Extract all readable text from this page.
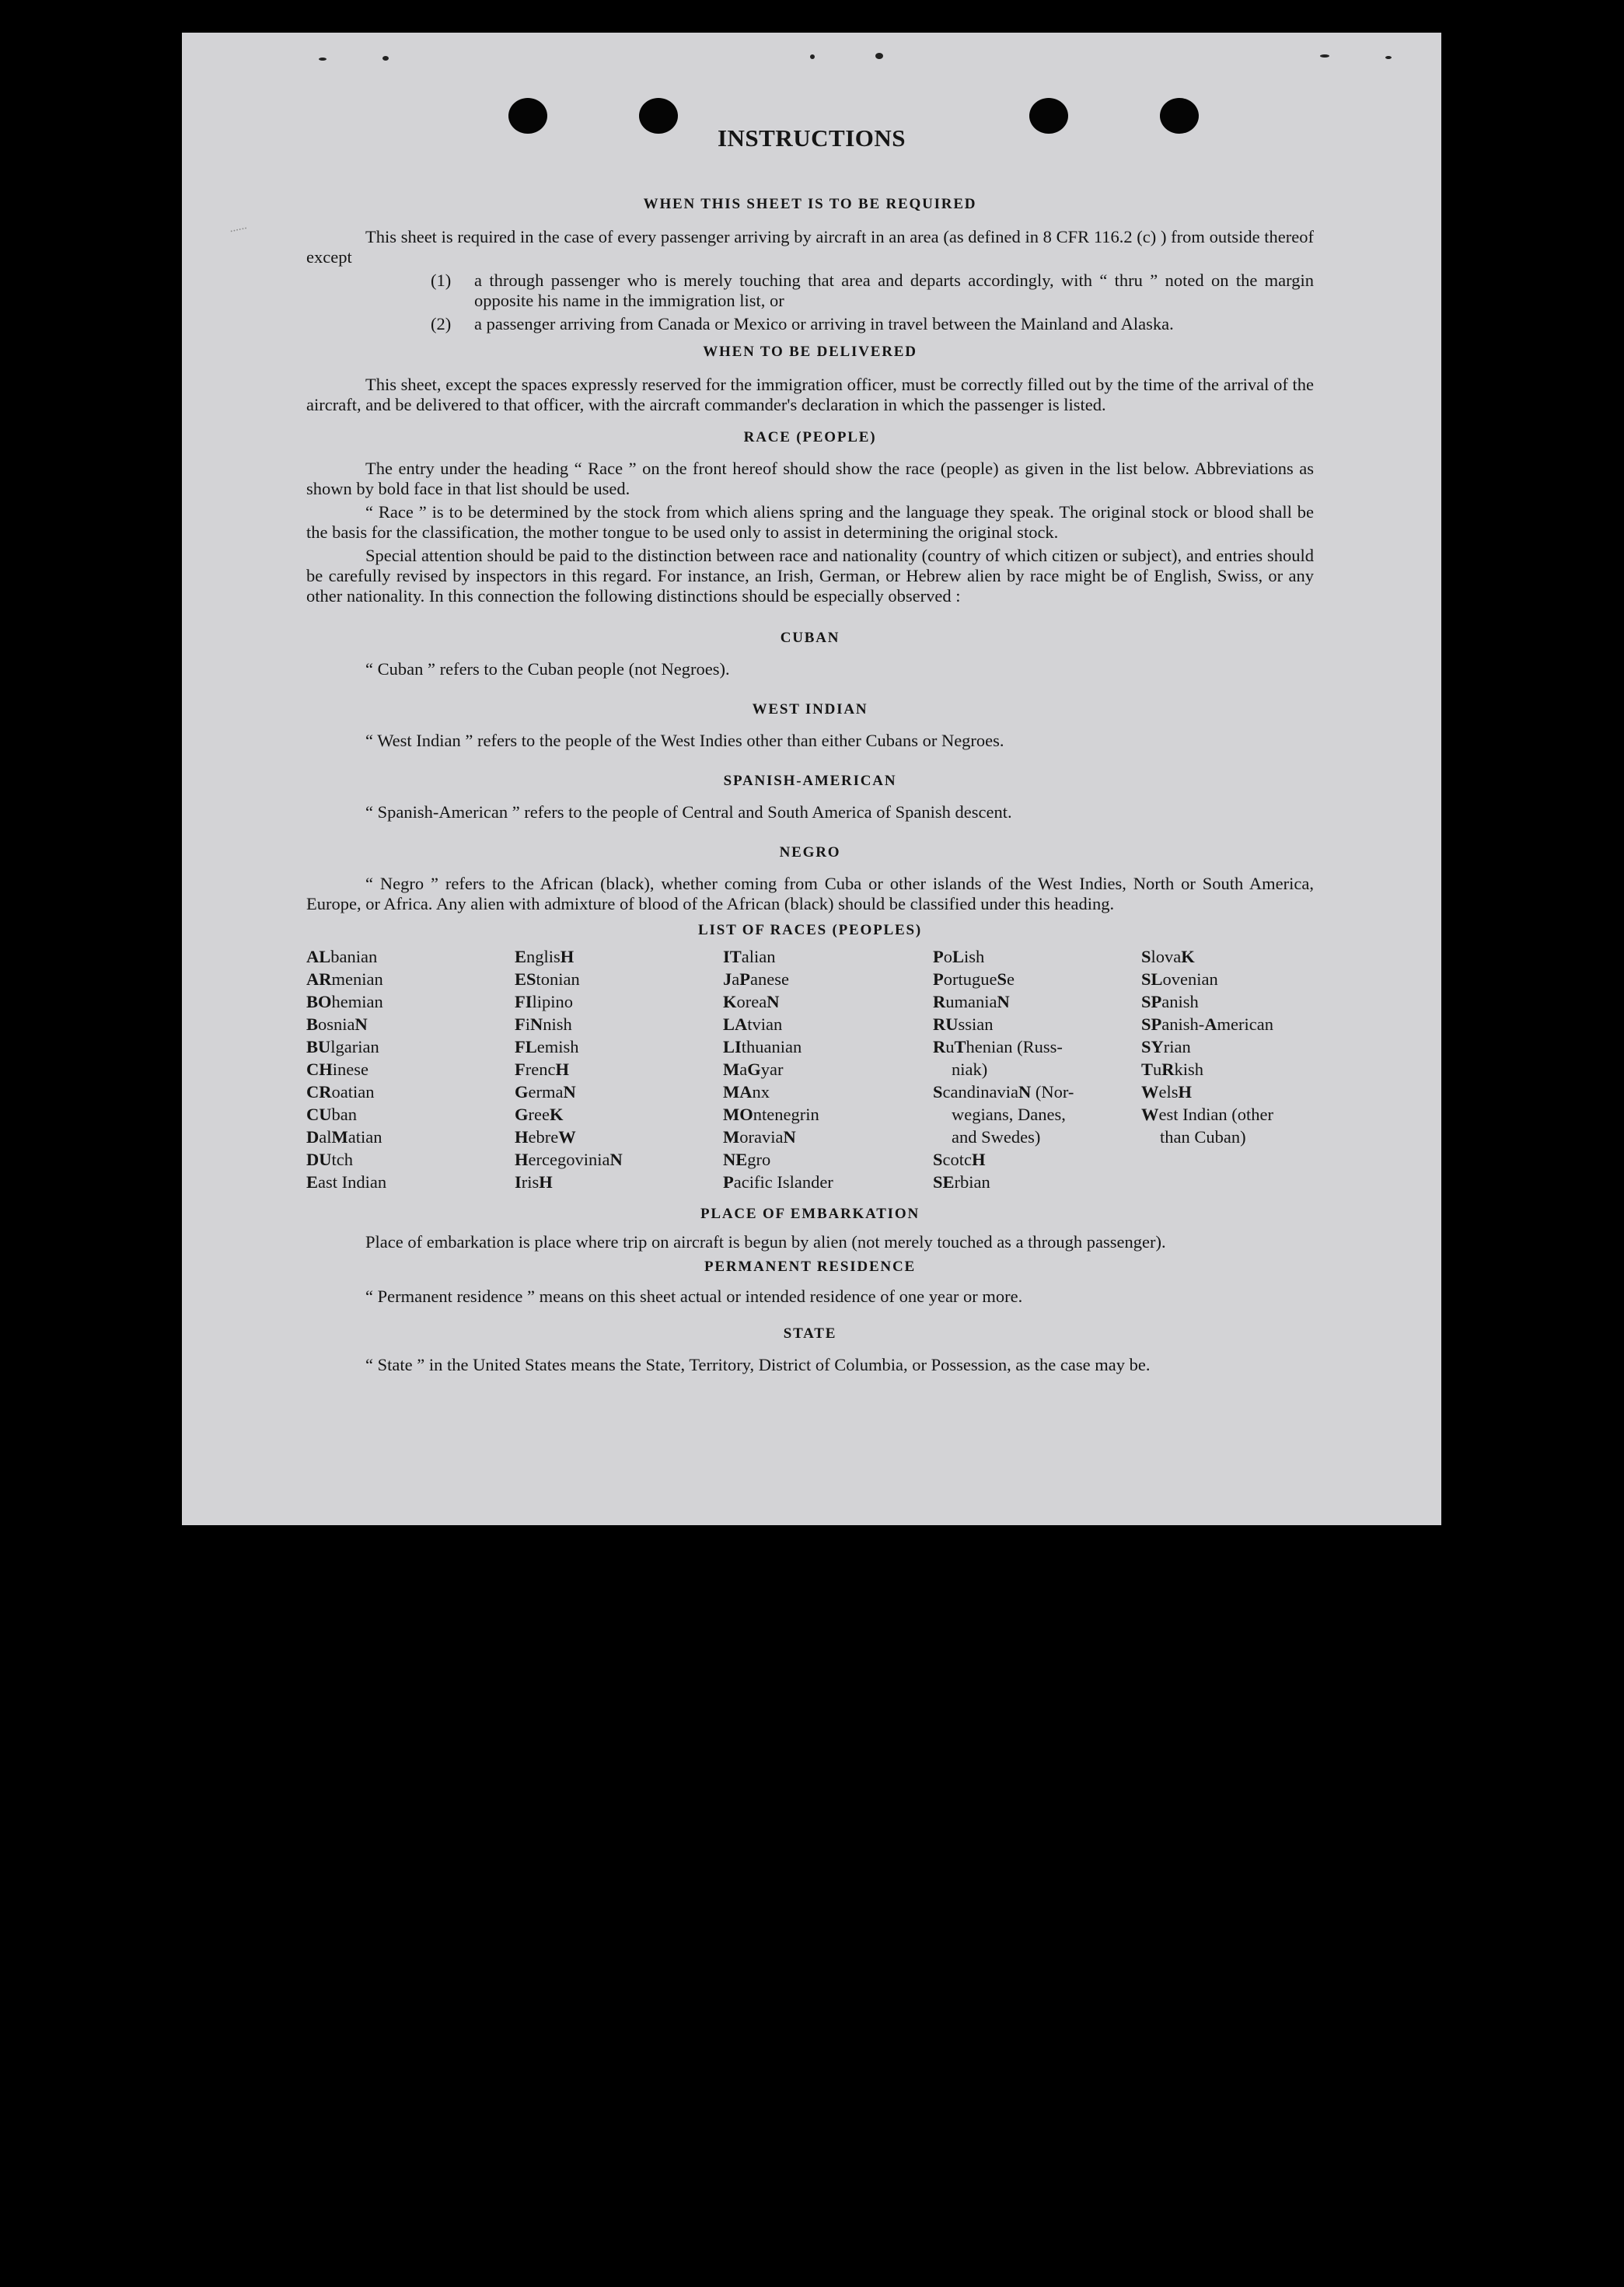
......
INSTRUCTIONS
WHEN THIS SHEET IS TO BE REQUIRED

This sheet is required in the case of every passenger arriving by aircraft in an area (as defined in 8 CFR 116.2 (c) ) from outside thereof except

(1)	a through passenger who is merely touching that area and departs accordingly, with “ thru ” noted on the margin opposite his name in the immigration list, or
(2)	a passenger arriving from Canada or Mexico or arriving in travel between the Mainland and Alaska.
WHEN TO BE DELIVERED

This sheet, except the spaces expressly reserved for the immigration officer, must be correctly filled out by the time of the arrival of the aircraft, and be delivered to that officer, with the aircraft commander's declaration in which the passenger is listed.

RACE (PEOPLE)

The entry under the heading “ Race ” on the front hereof should show the race (people) as given in the list below. Abbreviations as shown by bold face in that list should be used.

“ Race ” is to be determined by the stock from which aliens spring and the language they speak. The original stock or blood shall be the basis for the classification, the mother tongue to be used only to assist in determining the original stock.

Special attention should be paid to the distinction between race and nationality (country of which citizen or subject), and entries should be carefully revised by inspectors in this regard. For instance, an Irish, German, or Hebrew alien by race might be of English, Swiss, or any other nationality. In this connection the following distinctions should be especially observed :

CUBAN

“ Cuban ” refers to the Cuban people (not Negroes).

WEST INDIAN

“ West Indian ” refers to the people of the West Indies other than either Cubans or Negroes.

SPANISH-AMERICAN

“ Spanish-American ” refers to the people of Central and South America of Spanish descent.

NEGRO

“ Negro ” refers to the African (black), whether coming from Cuba or other islands of the West Indies, North or South America, Europe, or Africa. Any alien with admixture of blood of the African (black) should be classified under this heading.

LIST OF RACES (PEOPLES)
ALbanian
ARmenian
BOhemian
BosniaN
BUlgarian
CHinese
CRoatian
CUban
DalMatian
DUtch
East Indian
EnglisH
EStonian
FIlipino
FiNnish
FLemish
FrencH
GermaN
GreeK
HebreW
HercegoviniaN
IrisH
ITalian
JaPanese
KoreaN
LAtvian
LIthuanian
MaGyar
MAnx
MOntenegrin
MoraviaN
NEgro
Pacific Islander
PoLish
PortugueSe
RumaniaN
RUssian
RuThenian (Russ-
niak)
ScandinaviaN (Nor-
wegians, Danes,
and Swedes)
ScotcH
SErbian
SlovaK
SLovenian
SPanish
SPanish-American
SYrian
TuRkish
WelsH
West Indian (other
than Cuban)
PLACE OF EMBARKATION

Place of embarkation is place where trip on aircraft is begun by alien (not merely touched as a through passenger).

PERMANENT RESIDENCE

“ Permanent residence ” means on this sheet actual or intended residence of one year or more.

STATE

“ State ” in the United States means the State, Territory, District of Columbia, or Possession, as the case may be.
